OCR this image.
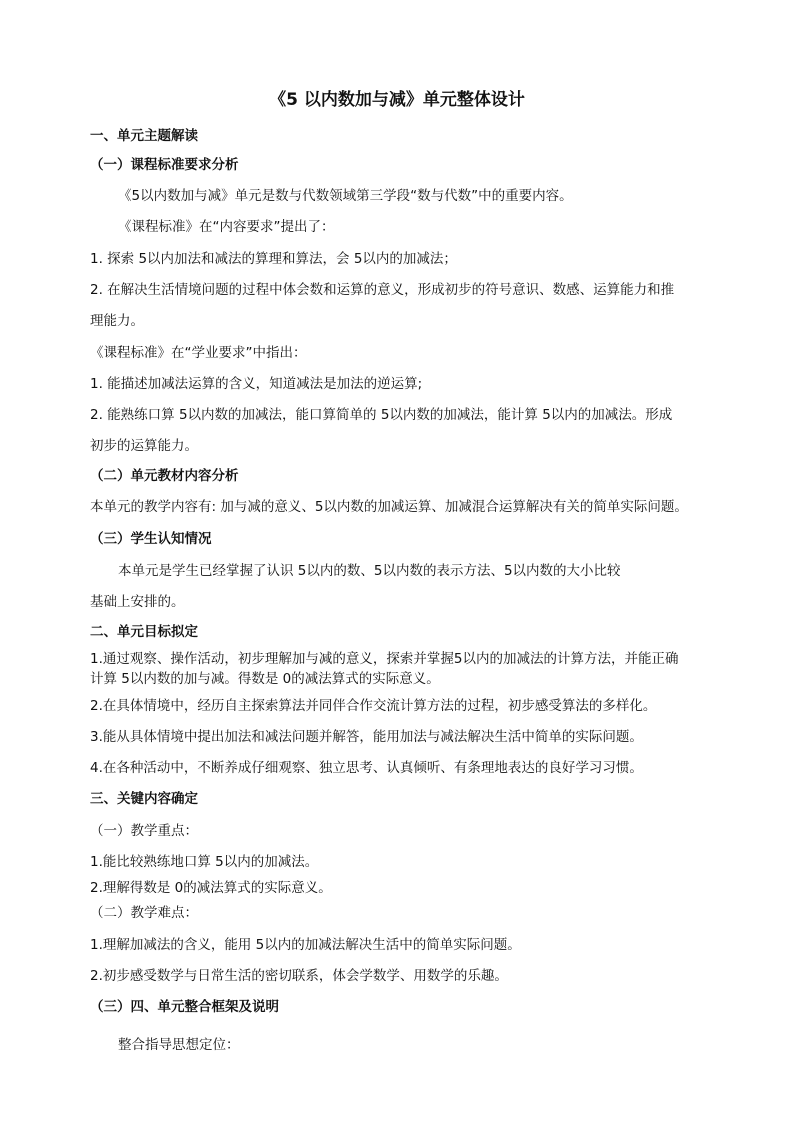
《5 以内数加与减》单元整体设计
一、单元主题解读
（一）课程标准要求分析
《5以内数加与减》单元是数与代数领域第三学段“数与代数”中的重要内容。
《课程标准》在“内容要求”提出了：
1. 探索 5以内加法和减法的算理和算法，会 5以内的加减法；
2. 在解决生活情境问题的过程中体会数和运算的意义，形成初步的符号意识、数感、运算能力和推
理能力。
《课程标准》在“学业要求”中指出：
1. 能描述加减法运算的含义，知道减法是加法的逆运算;
2. 能熟练口算 5以内数的加减法，能口算简单的 5以内数的加减法，能计算 5以内的加减法。形成
初步的运算能力。
（二）单元教材内容分析
本单元的教学内容有: 加与减的意义、5以内数的加减运算、加减混合运算解决有关的简单实际问题。
（三）学生认知情况
本单元是学生已经掌握了认识 5以内的数、5以内数的表示方法、5以内数的大小比较
基础上安排的。
二、单元目标拟定
1.通过观察、操作活动，初步理解加与减的意义，探索并掌握5以内的加减法的计算方法，并能正确
计算 5以内数的加与减。得数是 0的减法算式的实际意义。
2.在具体情境中，经历自主探索算法并同伴合作交流计算方法的过程，初步感受算法的多样化。
3.能从具体情境中提出加法和减法问题并解答，能用加法与减法解决生活中简单的实际问题。
4.在各种活动中，不断养成仔细观察、独立思考、认真倾听、有条理地表达的良好学习习惯。
三、关键内容确定
（一）教学重点：
1.能比较熟练地口算 5以内的加减法。
2.理解得数是 0的减法算式的实际意义。
（二）教学难点：
1.理解加减法的含义，能用 5以内的加减法解决生活中的简单实际问题。
2.初步感受数学与日常生活的密切联系，体会学数学、用数学的乐趣。
（三）四、单元整合框架及说明
整合指导思想定位：
